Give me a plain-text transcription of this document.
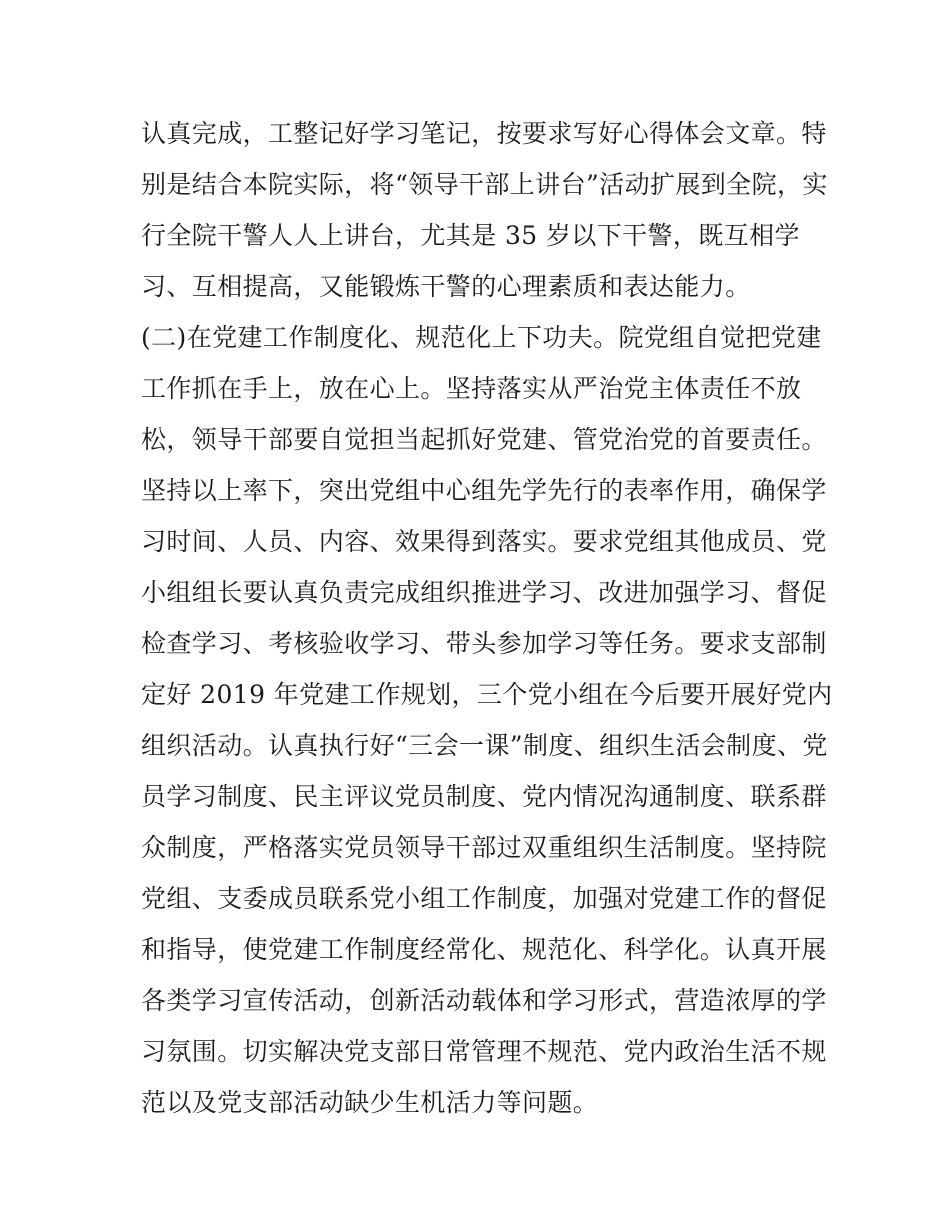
认真完成，工整记好学习笔记，按要求写好心得体会文章。特
别是结合本院实际，将“领导干部上讲台”活动扩展到全院，实
行全院干警人人上讲台，尤其是 35 岁以下干警，既互相学
习、互相提高，又能锻炼干警的心理素质和表达能力。
(二)在党建工作制度化、规范化上下功夫。院党组自觉把党建
工作抓在手上，放在心上。坚持落实从严治党主体责任不放
松，领导干部要自觉担当起抓好党建、管党治党的首要责任。
坚持以上率下，突出党组中心组先学先行的表率作用，确保学
习时间、人员、内容、效果得到落实。要求党组其他成员、党
小组组长要认真负责完成组织推进学习、改进加强学习、督促
检查学习、考核验收学习、带头参加学习等任务。要求支部制
定好 2019 年党建工作规划，三个党小组在今后要开展好党内
组织活动。认真执行好“三会一课”制度、组织生活会制度、党
员学习制度、民主评议党员制度、党内情况沟通制度、联系群
众制度，严格落实党员领导干部过双重组织生活制度。坚持院
党组、支委成员联系党小组工作制度，加强对党建工作的督促
和指导，使党建工作制度经常化、规范化、科学化。认真开展
各类学习宣传活动，创新活动载体和学习形式，营造浓厚的学
习氛围。切实解决党支部日常管理不规范、党内政治生活不规
范以及党支部活动缺少生机活力等问题。
